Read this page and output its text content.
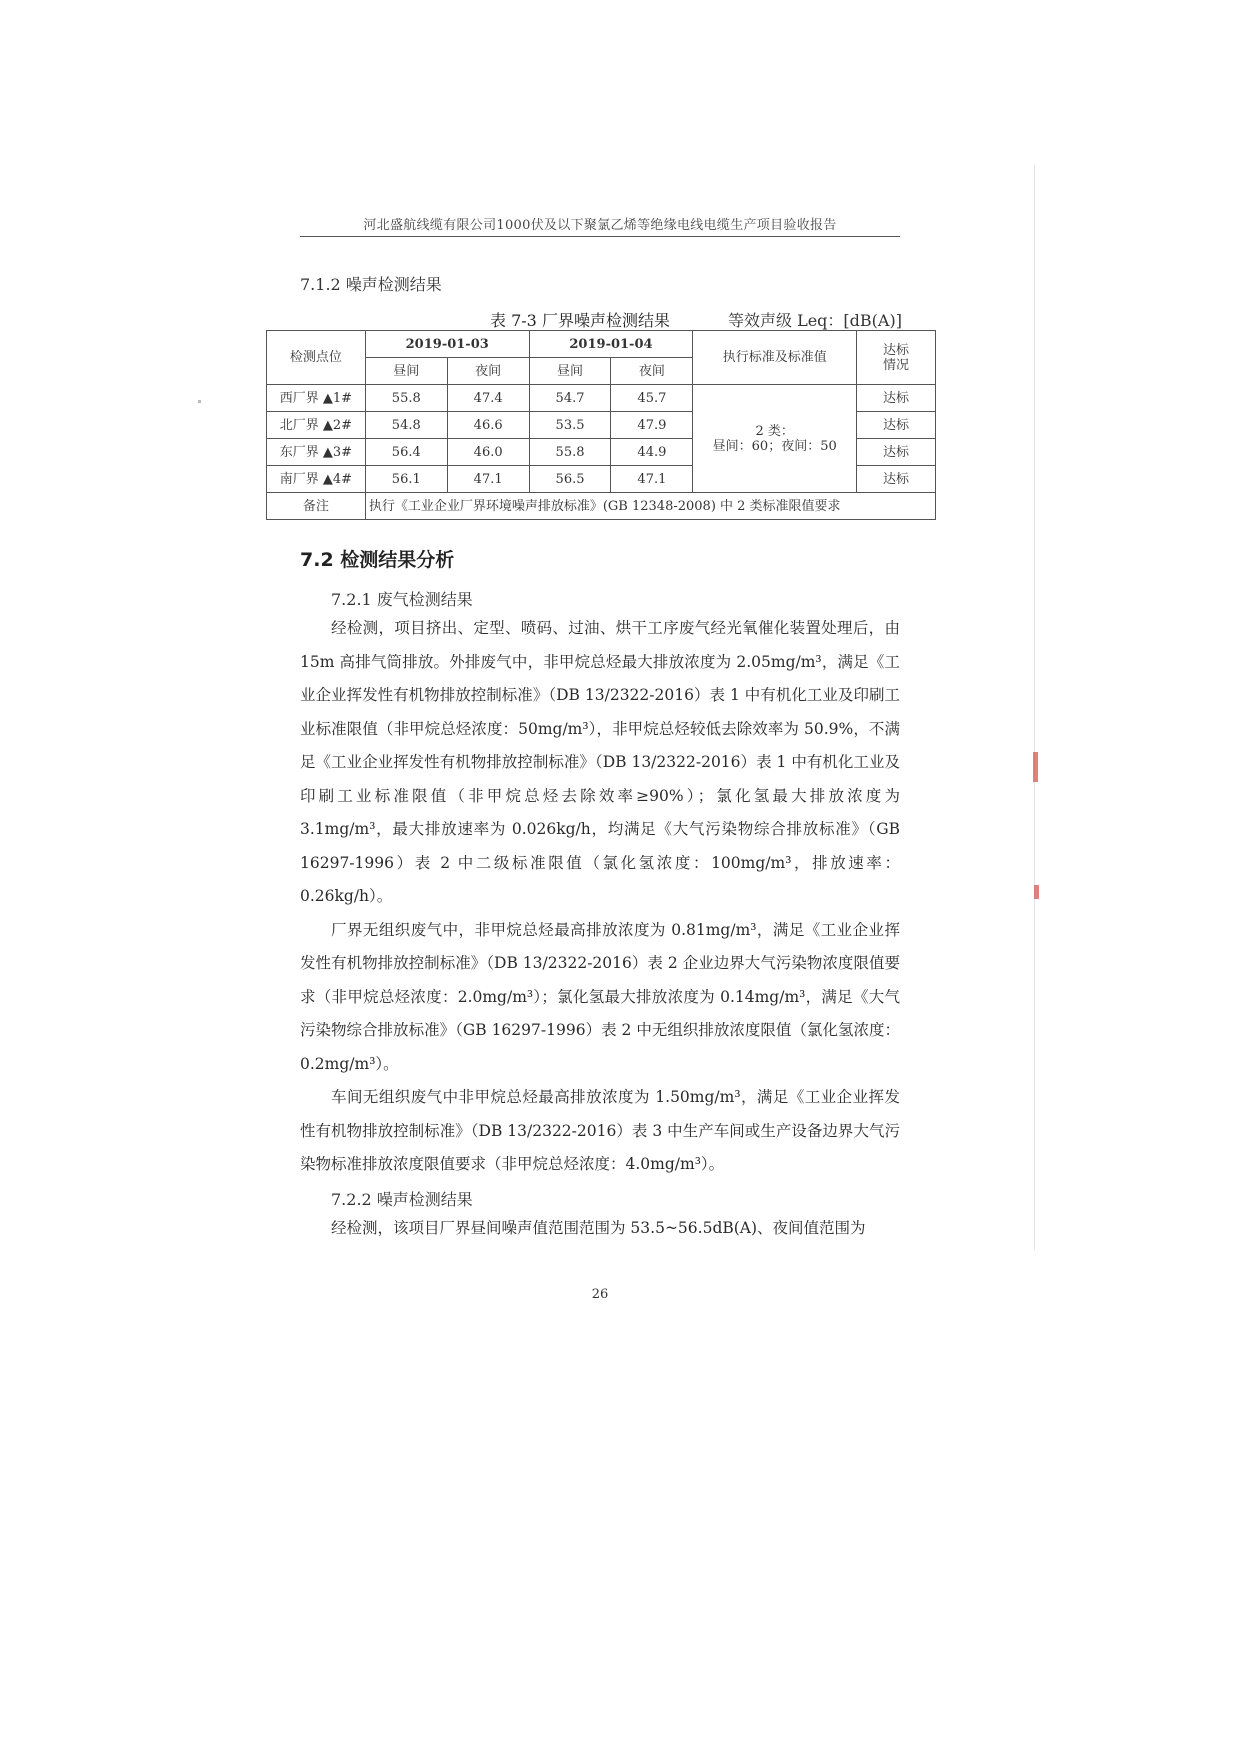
河北盛航线缆有限公司1000伏及以下聚氯乙烯等绝缘电线电缆生产项目验收报告
7.1.2 噪声检测结果
表 7-3 厂界噪声检测结果	等效声级 Leq：[dB(A)]
检测点位	2019-01-03		2019-01-04		执行标准及标准值	达标
情况
	昼间	夜间	昼间	夜间		
西厂界 ▲1#	55.8	47.4	54.7	45.7	2 类：
昼间：60；夜间：50	达标
北厂界 ▲2#	54.8	46.6	53.5	47.9		达标
东厂界 ▲3#	56.4	46.0	55.8	44.9		达标
南厂界 ▲4#	56.1	47.1	56.5	47.1		达标
备注	执行《工业企业厂界环境噪声排放标准》(GB 12348-2008) 中 2 类标准限值要求					
7.2 检测结果分析
7.2.1 废气检测结果

经检测，项目挤出、定型、喷码、过油、烘干工序废气经光氧催化装置处理后，由 15m 高排气筒排放。外排废气中，非甲烷总烃最大排放浓度为 2.05mg/m³，满足《工业企业挥发性有机物排放控制标准》（DB 13/2322-2016）表 1 中有机化工业及印刷工业标准限值（非甲烷总烃浓度：50mg/m³），非甲烷总烃较低去除效率为 50.9%，不满足《工业企业挥发性有机物排放控制标准》（DB 13/2322-2016）表 1 中有机化工业及印刷工业标准限值（非甲烷总烃去除效率≥90%）；氯化氢最大排放浓度为 3.1mg/m³，最大排放速率为 0.026kg/h，均满足《大气污染物综合排放标准》（GB 16297-1996）表 2 中二级标准限值（氯化氢浓度：100mg/m³，排放速率：0.26kg/h）。

厂界无组织废气中，非甲烷总烃最高排放浓度为 0.81mg/m³，满足《工业企业挥发性有机物排放控制标准》（DB 13/2322-2016）表 2 企业边界大气污染物浓度限值要求（非甲烷总烃浓度：2.0mg/m³）；氯化氢最大排放浓度为 0.14mg/m³，满足《大气污染物综合排放标准》（GB 16297-1996）表 2 中无组织排放浓度限值（氯化氢浓度：0.2mg/m³）。

车间无组织废气中非甲烷总烃最高排放浓度为 1.50mg/m³，满足《工业企业挥发性有机物排放控制标准》（DB 13/2322-2016）表 3 中生产车间或生产设备边界大气污染物标准排放浓度限值要求（非甲烷总烃浓度：4.0mg/m³）。

7.2.2 噪声检测结果

经检测，该项目厂界昼间噪声值范围范围为 53.5~56.5dB(A)、夜间值范围为

26
